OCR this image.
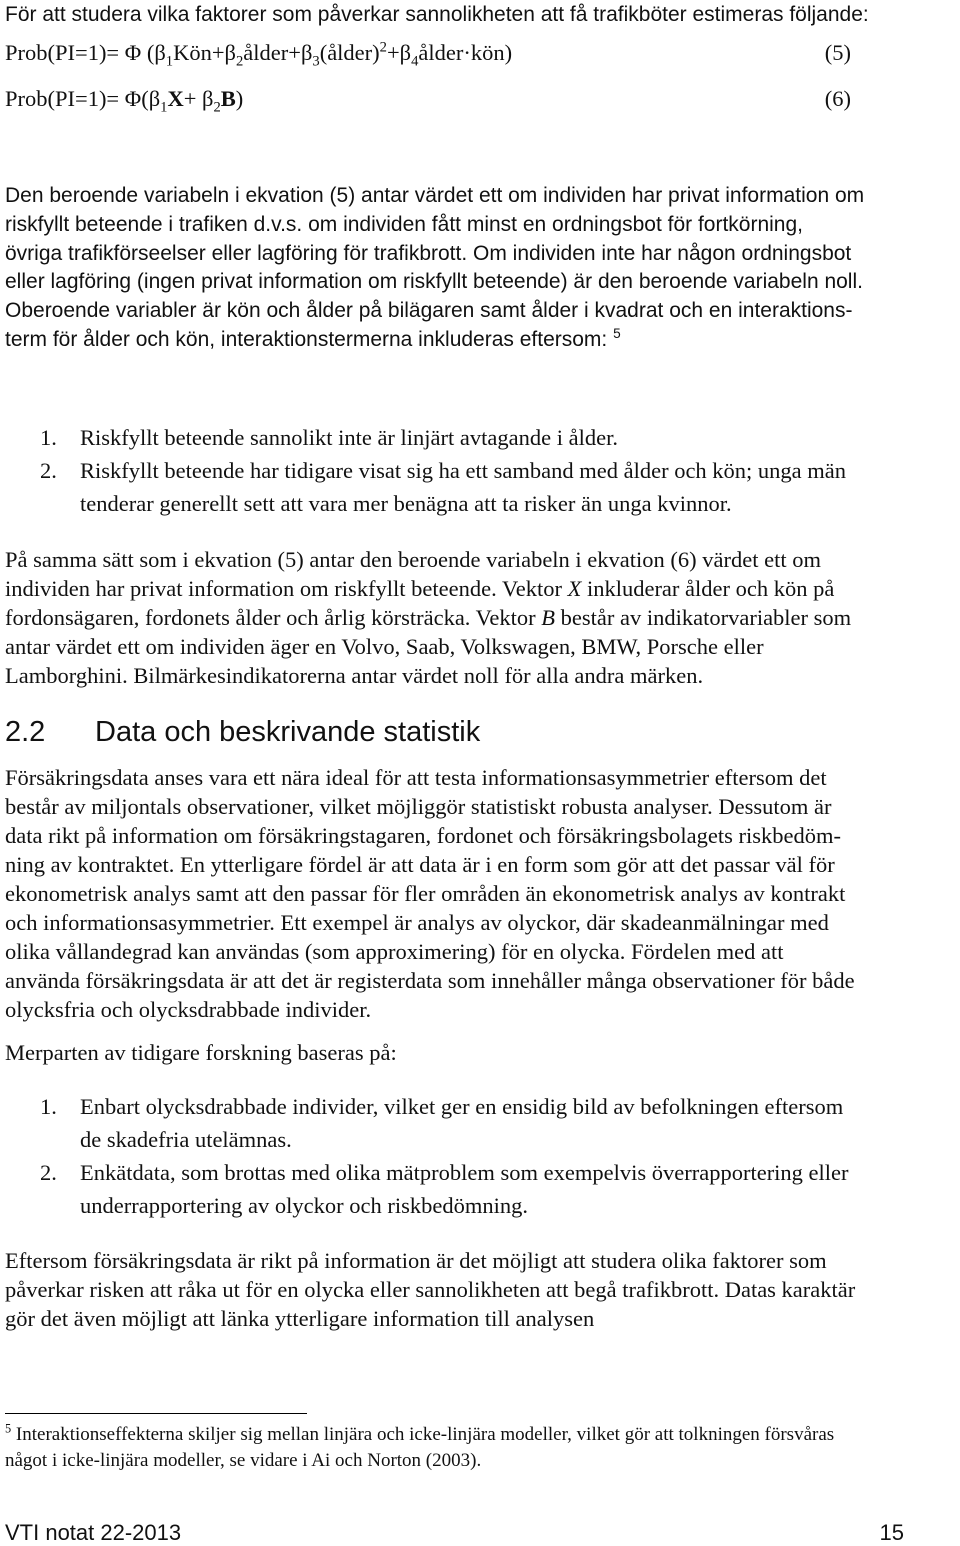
För att studera vilka faktorer som påverkar sannolikheten att få trafikböter estimeras följande:
Prob(PI=1)= Φ $(\beta_1Kön+\beta_2ålder+\beta_3(ålder)^2+\beta_4ålder\cdot kön)$	(5)
Prob(PI=1)= $\Phi(\beta_1X+ \beta_2B)$	(6)
Den beroende variabeln i ekvation (5) antar värdet ett om individen har privat information om
riskfyllt beteende i trafiken d.v.s. om individen fått minst en ordningsbot för fortkörning,
övriga trafikförseelser eller lagföring för trafikbrott. Om individen inte har någon ordningsbot
eller lagföring (ingen privat information om riskfyllt beteende) är den beroende variabeln noll.
Oberoende variabler är kön och ålder på bilägaren samt ålder i kvadrat och en interaktions-
term för ålder och kön, interaktionstermerna inkluderas eftersom: $^5$
1. Riskfyllt beteende sannolikt inte är linjärt avtagande i ålder.
2. Riskfyllt beteende har tidigare visat sig ha ett samband med ålder och kön; unga män
tenderar generellt sett att vara mer benägna att ta risker än unga kvinnor.
På samma sätt som i ekvation (5) antar den beroende variabeln i ekvation (6) värdet ett om
individen har privat information om riskfyllt beteende. Vektor X inkluderar ålder och kön på
fordonsägaren, fordonets ålder och årlig körsträcka. Vektor B består av indikatorvariabler som
antar värdet ett om individen äger en Volvo, Saab, Volkswagen, BMW, Porsche eller
Lamborghini. Bilmärkesindikatorerna antar värdet noll för alla andra märken.
2.2 Data och beskrivande statistik
Försäkringsdata anses vara ett nära ideal för att testa informationsasymmetrier eftersom det
består av miljontals observationer, vilket möjliggör statistiskt robusta analyser. Dessutom är
data rikt på information om försäkringstagaren, fordonet och försäkringsbolagets riskbedöm-
ning av kontraktet. En ytterligare fördel är att data är i en form som gör att det passar väl för
ekonometrisk analys samt att den passar för fler områden än ekonometrisk analys av kontrakt
och informationsasymmetrier. Ett exempel är analys av olyckor, där skadeanmälningar med
olika vållandegrad kan användas (som approximering) för en olycka. Fördelen med att
använda försäkringsdata är att det är registerdata som innehåller många observationer för både
olycksfria och olycksdrabbade individer.
Merparten av tidigare forskning baseras på:
1. Enbart olycksdrabbade individer, vilket ger en ensidig bild av befolkningen eftersom
de skadefria utelämnas.
2. Enkätdata, som brottas med olika mätproblem som exempelvis överrapportering eller
underrapportering av olyckor och riskbedömning.
Eftersom försäkringsdata är rikt på information är det möjligt att studera olika faktorer som
påverkar risken att råka ut för en olycka eller sannolikheten att begå trafikbrott. Datas karaktär
gör det även möjligt att länka ytterligare information till analysen
$^5$ Interaktionseffekterna skiljer sig mellan linjära och icke-linjära modeller, vilket gör att tolkningen försvåras
något i icke-linjära modeller, se vidare i Ai och Norton (2003).
VTI notat 22-2013	15
